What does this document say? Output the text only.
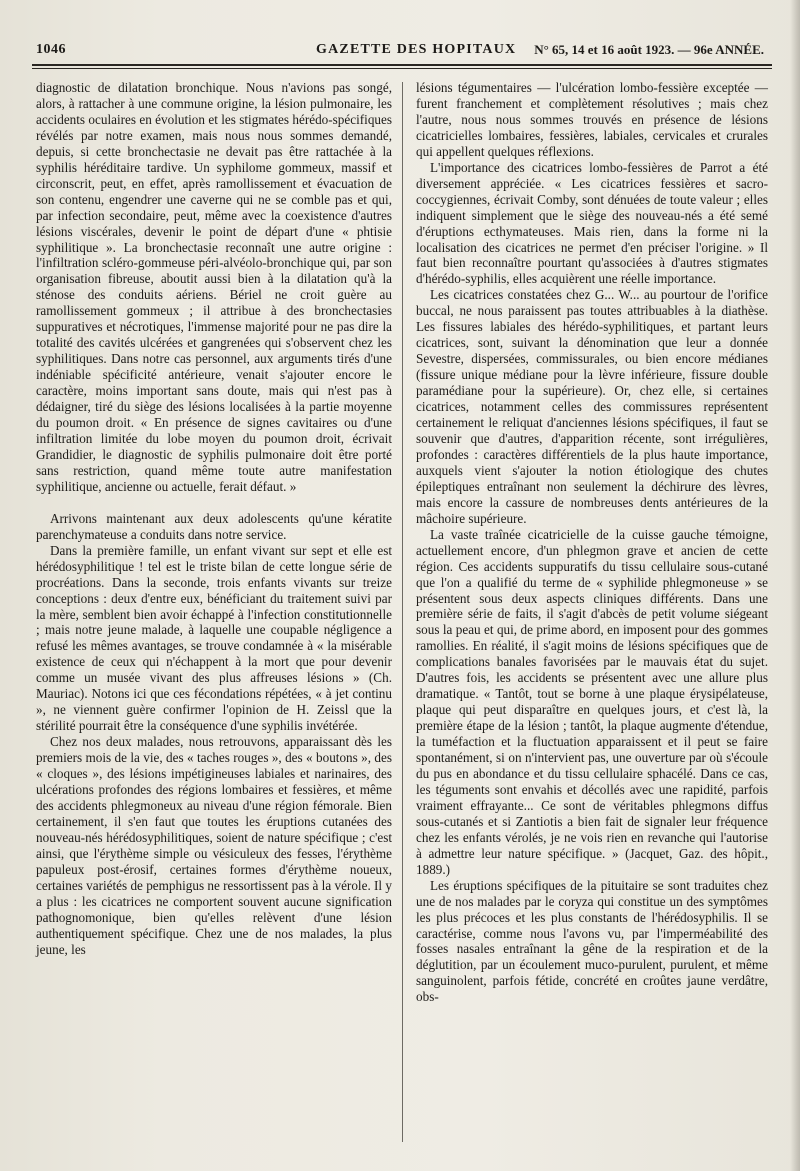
1046	GAZETTE DES HOPITAUX N° 65, 14 et 16 août 1923. — 96e ANNÉE.

diagnostic de dilatation bronchique. Nous n'avions pas songé, alors, à rattacher à une commune origine, la lésion pulmonaire, les accidents oculaires en évolution et les stigmates hérédo-spécifiques révélés par notre examen, mais nous nous sommes demandé, depuis, si cette bronchectasie ne devait pas être rattachée à la syphilis héréditaire tardive. Un syphilome gommeux, massif et circonscrit, peut, en effet, après ramollissement et évacuation de son contenu, engendrer une caverne qui ne se comble pas et qui, par infection secondaire, peut, même avec la coexistence d'autres lésions viscérales, devenir le point de départ d'une « phtisie syphilitique ». La bronchectasie reconnaît une autre origine : l'infiltration scléro-gommeuse péri-alvéolo-bronchique qui, par son organisation fibreuse, aboutit aussi bien à la dilatation qu'à la sténose des conduits aériens. Bériel ne croit guère au ramollissement gommeux ; il attribue à des bronchectasies suppuratives et nécrotiques, l'immense majorité pour ne pas dire la totalité des cavités ulcérées et gangrenées qui s'observent chez les syphilitiques. Dans notre cas personnel, aux arguments tirés d'une indéniable spécificité antérieure, venait s'ajouter encore le caractère, moins important sans doute, mais qui n'est pas à dédaigner, tiré du siège des lésions localisées à la partie moyenne du poumon droit. « En présence de signes cavitaires ou d'une infiltration limitée du lobe moyen du poumon droit, écrivait Grandidier, le diagnostic de syphilis pulmonaire doit être porté sans restriction, quand même toute autre manifestation syphilitique, ancienne ou actuelle, ferait défaut. »

Arrivons maintenant aux deux adolescents qu'une kératite parenchymateuse a conduits dans notre service.

Dans la première famille, un enfant vivant sur sept et elle est hérédosyphilitique ! tel est le triste bilan de cette longue série de procréations. Dans la seconde, trois enfants vivants sur treize conceptions : deux d'entre eux, bénéficiant du traitement suivi par la mère, semblent bien avoir échappé à l'infection constitutionnelle ; mais notre jeune malade, à laquelle une coupable négligence a refusé les mêmes avantages, se trouve condamnée à « la misérable existence de ceux qui n'échappent à la mort que pour devenir comme un musée vivant des plus affreuses lésions » (Ch. Mauriac). Notons ici que ces fécondations répétées, « à jet continu », ne viennent guère confirmer l'opinion de H. Zeissl que la stérilité pourrait être la conséquence d'une syphilis invétérée.

Chez nos deux malades, nous retrouvons, apparaissant dès les premiers mois de la vie, des « taches rouges », des « boutons », des « cloques », des lésions impétigineuses labiales et narinaires, des ulcérations profondes des régions lombaires et fessières, et même des accidents phlegmoneux au niveau d'une région fémorale. Bien certainement, il s'en faut que toutes les éruptions cutanées des nouveau-nés hérédosyphilitiques, soient de nature spécifique ; c'est ainsi, que l'érythème simple ou vésiculeux des fesses, l'érythème papuleux post-érosif, certaines formes d'érythème noueux, certaines variétés de pemphigus ne ressortissent pas à la vérole. Il y a plus : les cicatrices ne comportent souvent aucune signification pathognomonique, bien qu'elles relèvent d'une lésion authentiquement spécifique. Chez une de nos malades, la plus jeune, les

lésions tégumentaires — l'ulcération lombo-fessière exceptée — furent franchement et complètement résolutives ; mais chez l'autre, nous nous sommes trouvés en présence de lésions cicatricielles lombaires, fessières, labiales, cervicales et crurales qui appellent quelques réflexions.

L'importance des cicatrices lombo-fessières de Parrot a été diversement appréciée. « Les cicatrices fessières et sacro-coccygiennes, écrivait Comby, sont dénuées de toute valeur ; elles indiquent simplement que le siège des nouveau-nés a été semé d'éruptions ecthymateuses. Mais rien, dans la forme ni la localisation des cicatrices ne permet d'en préciser l'origine. » Il faut bien reconnaître pourtant qu'associées à d'autres stigmates d'hérédo-syphilis, elles acquièrent une réelle importance.

Les cicatrices constatées chez G... W... au pourtour de l'orifice buccal, ne nous paraissent pas toutes attribuables à la diathèse. Les fissures labiales des hérédo-syphilitiques, et partant leurs cicatrices, sont, suivant la dénomination que leur a donnée Sevestre, dispersées, commissurales, ou bien encore médianes (fissure unique médiane pour la lèvre inférieure, fissure double paramédiane pour la supérieure). Or, chez elle, si certaines cicatrices, notamment celles des commissures représentent certainement le reliquat d'anciennes lésions spécifiques, il faut se souvenir que d'autres, d'apparition récente, sont irrégulières, profondes : caractères différentiels de la plus haute importance, auxquels vient s'ajouter la notion étiologique des chutes épileptiques entraînant non seulement la déchirure des lèvres, mais encore la cassure de nombreuses dents antérieures de la mâchoire supérieure.

La vaste traînée cicatricielle de la cuisse gauche témoigne, actuellement encore, d'un phlegmon grave et ancien de cette région. Ces accidents suppuratifs du tissu cellulaire sous-cutané que l'on a qualifié du terme de « syphilide phlegmoneuse » se présentent sous deux aspects cliniques différents. Dans une première série de faits, il s'agit d'abcès de petit volume siégeant sous la peau et qui, de prime abord, en imposent pour des gommes ramollies. En réalité, il s'agit moins de lésions spécifiques que de complications banales favorisées par le mauvais état du sujet. D'autres fois, les accidents se présentent avec une allure plus dramatique. « Tantôt, tout se borne à une plaque érysipélateuse, plaque qui peut disparaître en quelques jours, et c'est là, la première étape de la lésion ; tantôt, la plaque augmente d'étendue, la tuméfaction et la fluctuation apparaissent et il peut se faire spontanément, si on n'intervient pas, une ouverture par où s'écoule du pus en abondance et du tissu cellulaire sphacélé. Dans ce cas, les téguments sont envahis et décollés avec une rapidité, parfois vraiment effrayante... Ce sont de véritables phlegmons diffus sous-cutanés et si Zantiotis a bien fait de signaler leur fréquence chez les enfants vérolés, je ne vois rien en revanche qui l'autorise à admettre leur nature spécifique. » (Jacquet, Gaz. des hôpit., 1889.)

Les éruptions spécifiques de la pituitaire se sont traduites chez une de nos malades par le coryza qui constitue un des symptômes les plus précoces et les plus constants de l'hérédosyphilis. Il se caractérise, comme nous l'avons vu, par l'imperméabilité des fosses nasales entraînant la gêne de la respiration et de la déglutition, par un écoulement muco-purulent, purulent, et même sanguinolent, parfois fétide, concrété en croûtes jaune verdâtre, obs-
